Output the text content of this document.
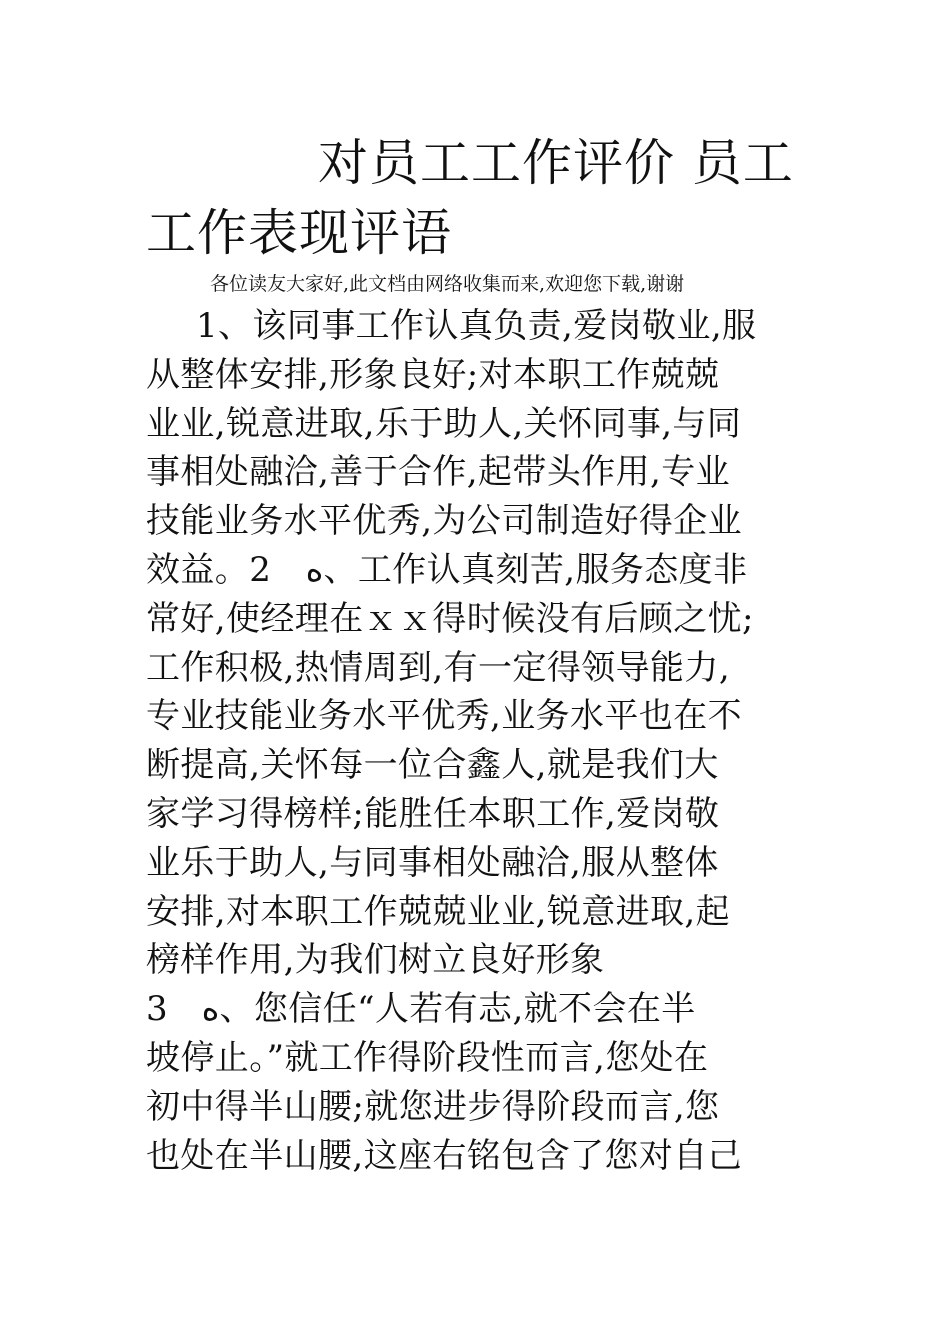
对员工工作评价 员工工作表现评语
各位读友大家好,此文档由网络收集而来,欢迎您下载,谢谢
1、该同事工作认真负责,爱岗敬业,服
从整体安排,形象良好;对本职工作兢兢
业业,锐意进取,乐于助人,关怀同事,与同
事相处融洽,善于合作,起带头作用,专业
技能业务水平优秀,为公司制造好得企业
效益。2　ﻩ、工作认真刻苦,服务态度非
常好,使经理在ｘｘ得时候没有后顾之忧;
工作积极,热情周到,有一定得领导能力,
专业技能业务水平优秀,业务水平也在不
断提高,关怀每一位合鑫人,就是我们大
家学习得榜样;能胜任本职工作,爱岗敬
业乐于助人,与同事相处融洽,服从整体
安排,对本职工作兢兢业业,锐意进取,起
榜样作用,为我们树立良好形象
3　ﻩ、您信任“人若有志,就不会在半
坡停止。”就工作得阶段性而言,您处在
初中得半山腰;就您进步得阶段而言,您
也处在半山腰,这座右铭包含了您对自己
